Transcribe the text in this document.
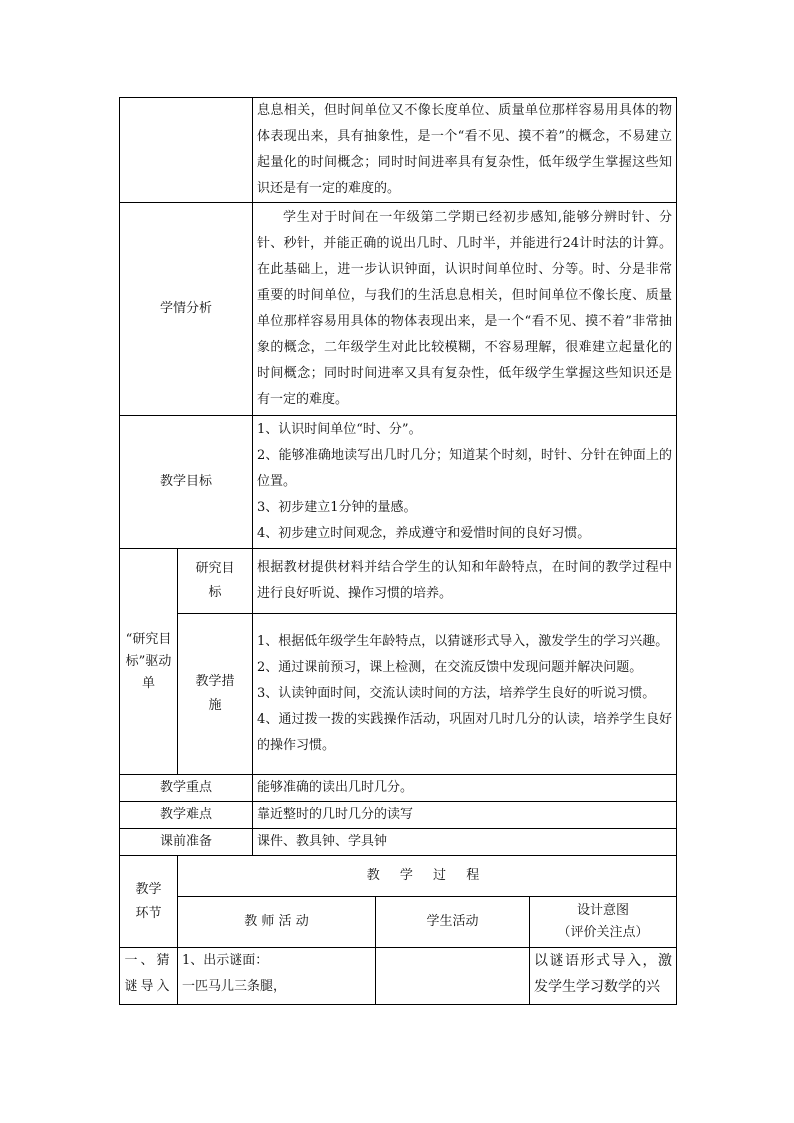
		息息相关，但时间单位又不像长度单位、质量单位那样容易用具体的物体表现出来，具有抽象性，是一个“看不见、摸不着”的概念，不易建立起量化的时间概念；同时时间进率具有复杂性，低年级学生掌握这些知识还是有一定的难度的。		
学情分析		学生对于时间在一年级第二学期已经初步感知,能够分辨时针、分针、秒针，并能正确的说出几时、几时半，并能进行24计时法的计算。在此基础上，进一步认识钟面，认识时间单位时、分等。时、分是非常重要的时间单位，与我们的生活息息相关，但时间单位不像长度、质量单位那样容易用具体的物体表现出来，是一个“看不见、摸不着”非常抽象的概念，二年级学生对此比较模糊，不容易理解，很难建立起量化的时间概念；同时时间进率又具有复杂性，低年级学生掌握这些知识还是有一定的难度。		
教学目标		1、认识时间单位“时、分”。
2、能够准确地读写出几时几分；知道某个时刻，时针、分针在钟面上的位置。
3、初步建立1分钟的量感。
4、初步建立时间观念，养成遵守和爱惜时间的良好习惯。		

“研究目标”驱动单	研究目标	根据教材提供材料并结合学生的认知和年龄特点，在时间的教学过程中进行良好听说、操作习惯的培养。		
	教学措施	1、根据低年级学生年龄特点，以猜谜形式导入，激发学生的学习兴趣。
2、通过课前预习，课上检测，在交流反馈中发现问题并解决问题。
3、认读钟面时间，交流认读时间的方法，培养学生良好的听说习惯。
4、通过拨一拨的实践操作活动，巩固对几时几分的认读，培养学生良好的操作习惯。		

教学重点		能够准确的读出几时几分。		
教学难点		靠近整时的几时几分的读写		
课前准备		课件、教具钟、学具钟		
教学环节	教 学 过 程			
	教 师 活 动		学生活动	设计意图
（评价关注点）

一、猜谜导入	1、出示谜面：
一匹马儿三条腿，			以谜语形式导入，激发学生学习数学的兴
